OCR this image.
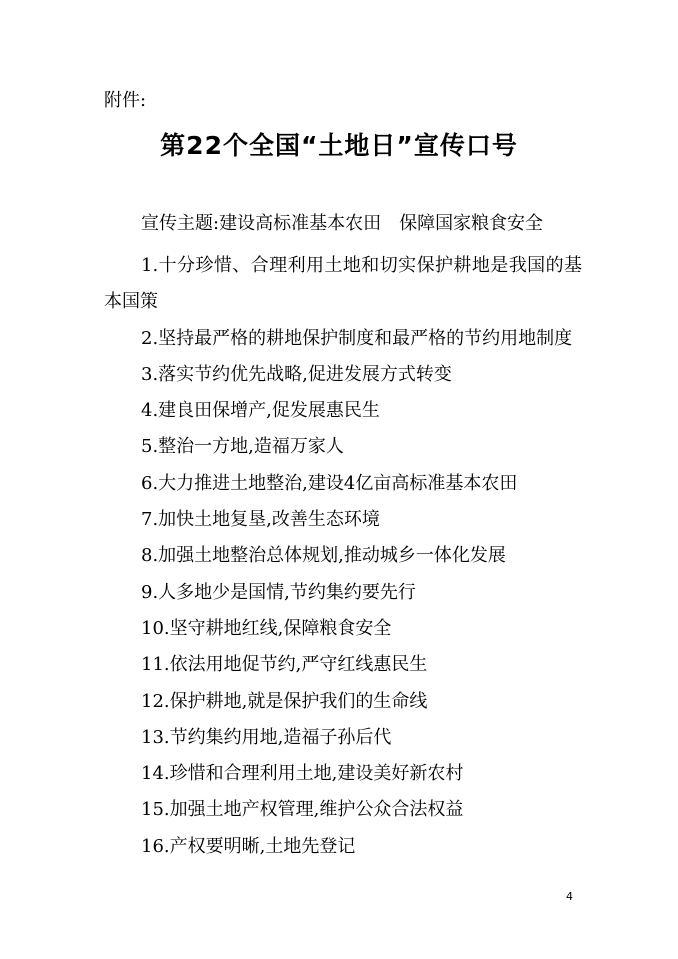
附件:
第22个全国“土地日”宣传口号
宣传主题:建设高标准基本农田　保障国家粮食安全
1.十分珍惜、合理利用土地和切实保护耕地是我国的基本国策
2.坚持最严格的耕地保护制度和最严格的节约用地制度
3.落实节约优先战略,促进发展方式转变
4.建良田保增产,促发展惠民生
5.整治一方地,造福万家人
6.大力推进土地整治,建设4亿亩高标准基本农田
7.加快土地复垦,改善生态环境
8.加强土地整治总体规划,推动城乡一体化发展
9.人多地少是国情,节约集约要先行
10.坚守耕地红线,保障粮食安全
11.依法用地促节约,严守红线惠民生
12.保护耕地,就是保护我们的生命线
13.节约集约用地,造福子孙后代
14.珍惜和合理利用土地,建设美好新农村
15.加强土地产权管理,维护公众合法权益
16.产权要明晰,土地先登记
4
